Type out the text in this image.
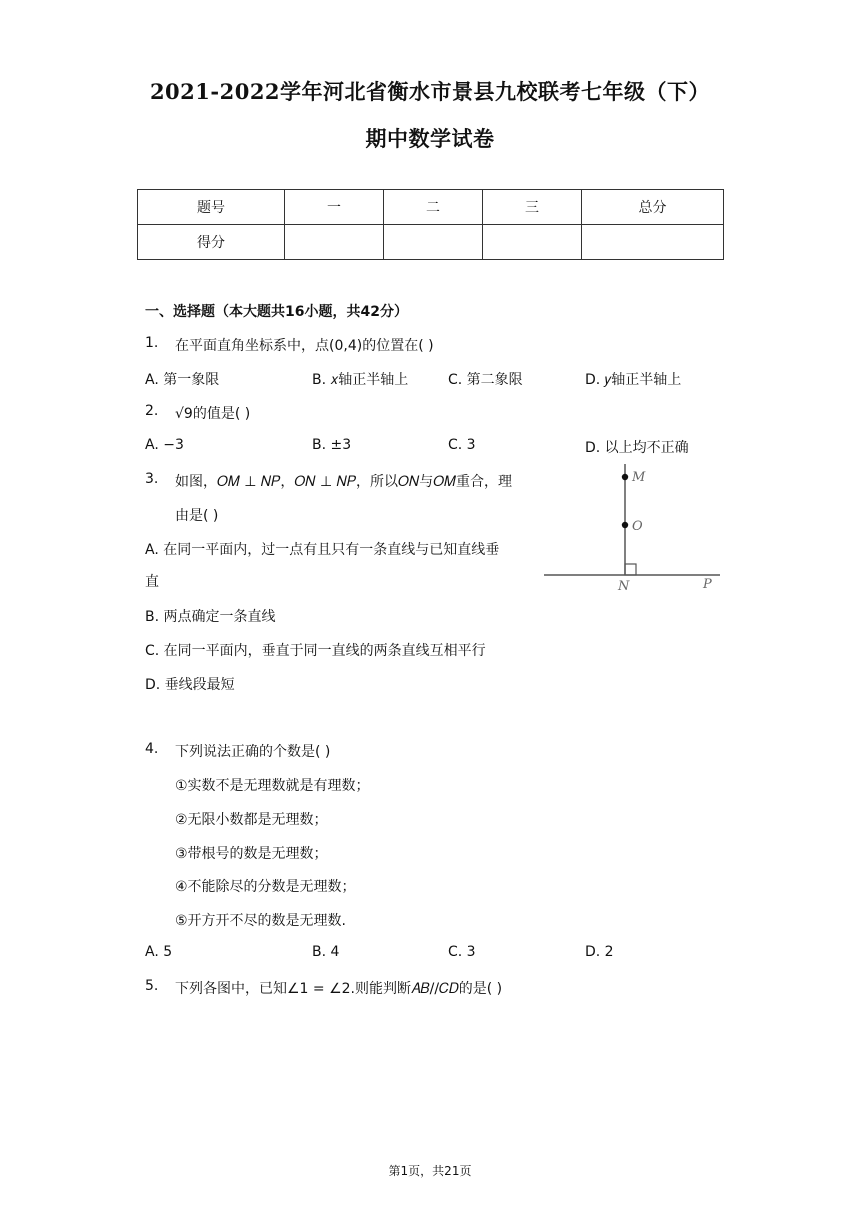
2021-2022学年河北省衡水市景县九校联考七年级（下）
期中数学试卷
题号	一	二	三	总分
得分				
一、选择题（本大题共16小题，共42分）
1. 在平面直角坐标系中，点(0,4)的位置在( )
A. 第一象限	B. 𝑥轴正半轴上	C. 第二象限	D. 𝑦轴正半轴上
2. √9的值是( )
A. −3	B. ±3	C. 3	D. 以上均不正确
3. 如图，𝑂𝑀 ⊥ 𝑁𝑃，𝑂𝑁 ⊥ 𝑁𝑃，所以𝑂𝑁与𝑂𝑀重合，理
由是( )
A. 在同一平面内，过一点有且只有一条直线与已知直线垂
直
B. 两点确定一条直线
C. 在同一平面内，垂直于同一直线的两条直线互相平行
D. 垂线段最短
M
O
N	P
4. 下列说法正确的个数是( )
①实数不是无理数就是有理数；
②无限小数都是无理数；
③带根号的数是无理数；
④不能除尽的分数是无理数；
⑤开方开不尽的数是无理数.
A. 5	B. 4	C. 3	D. 2
5. 下列各图中，已知∠1 = ∠2.则能判断𝐴𝐵//𝐶𝐷的是( )
第1页，共21页
